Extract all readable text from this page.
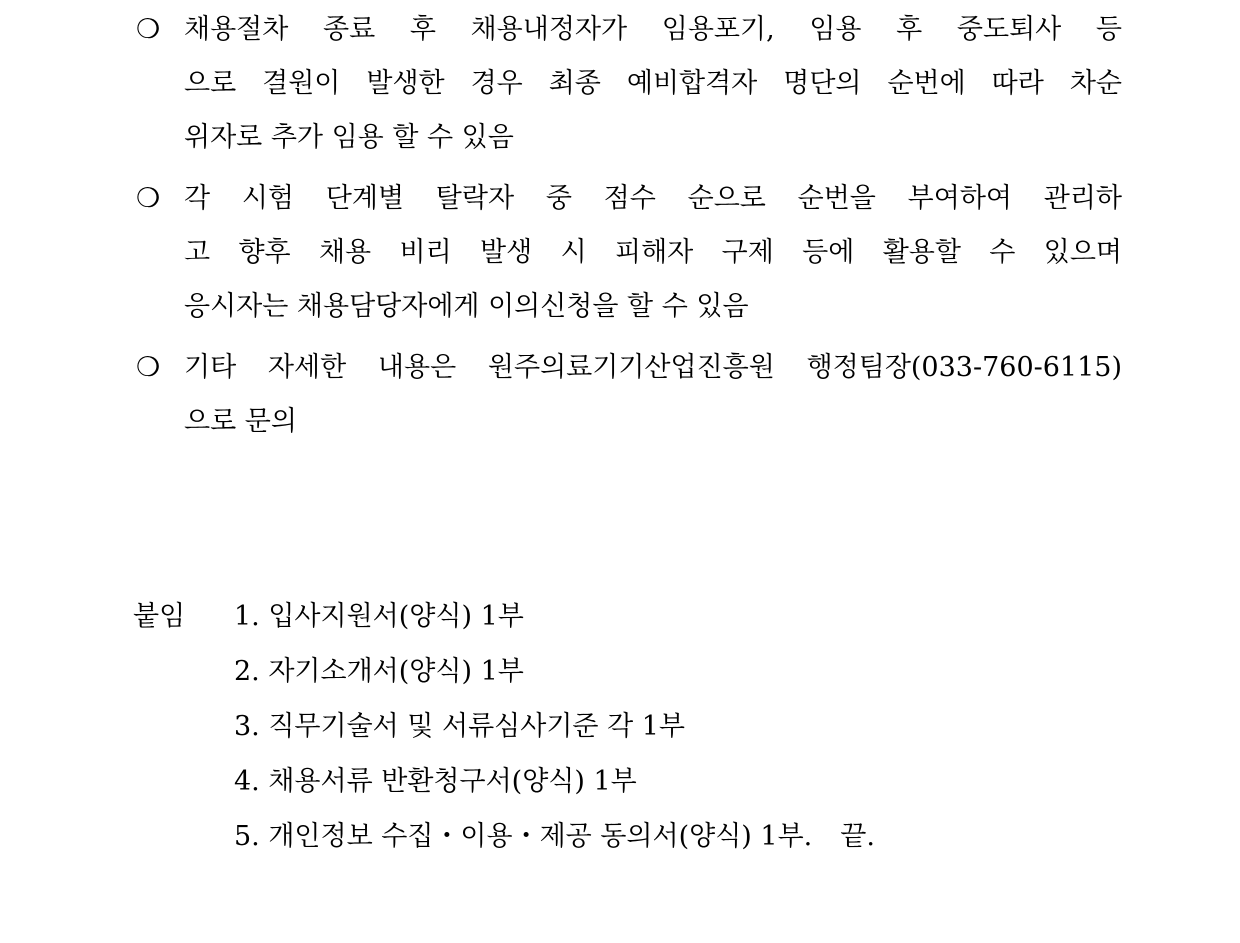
❍ 채용절차 종료 후 채용내정자가 임용포기, 임용 후 중도퇴사 등
으로 결원이 발생한 경우 최종 예비합격자 명단의 순번에 따라 차순
위자로 추가 임용 할 수 있음
❍ 각 시험 단계별 탈락자 중 점수 순으로 순번을 부여하여 관리하
고 향후 채용 비리 발생 시 피해자 구제 등에 활용할 수 있으며
응시자는 채용담당자에게 이의신청을 할 수 있음
❍ 기타 자세한 내용은 원주의료기기산업진흥원 행정팀장(033-760-6115)
으로 문의
붙임 1. 입사지원서(양식) 1부
2. 자기소개서(양식) 1부
3. 직무기술서 및 서류심사기준 각 1부
4. 채용서류 반환청구서(양식) 1부
5. 개인정보 수집・이용・제공 동의서(양식) 1부. 끝.
